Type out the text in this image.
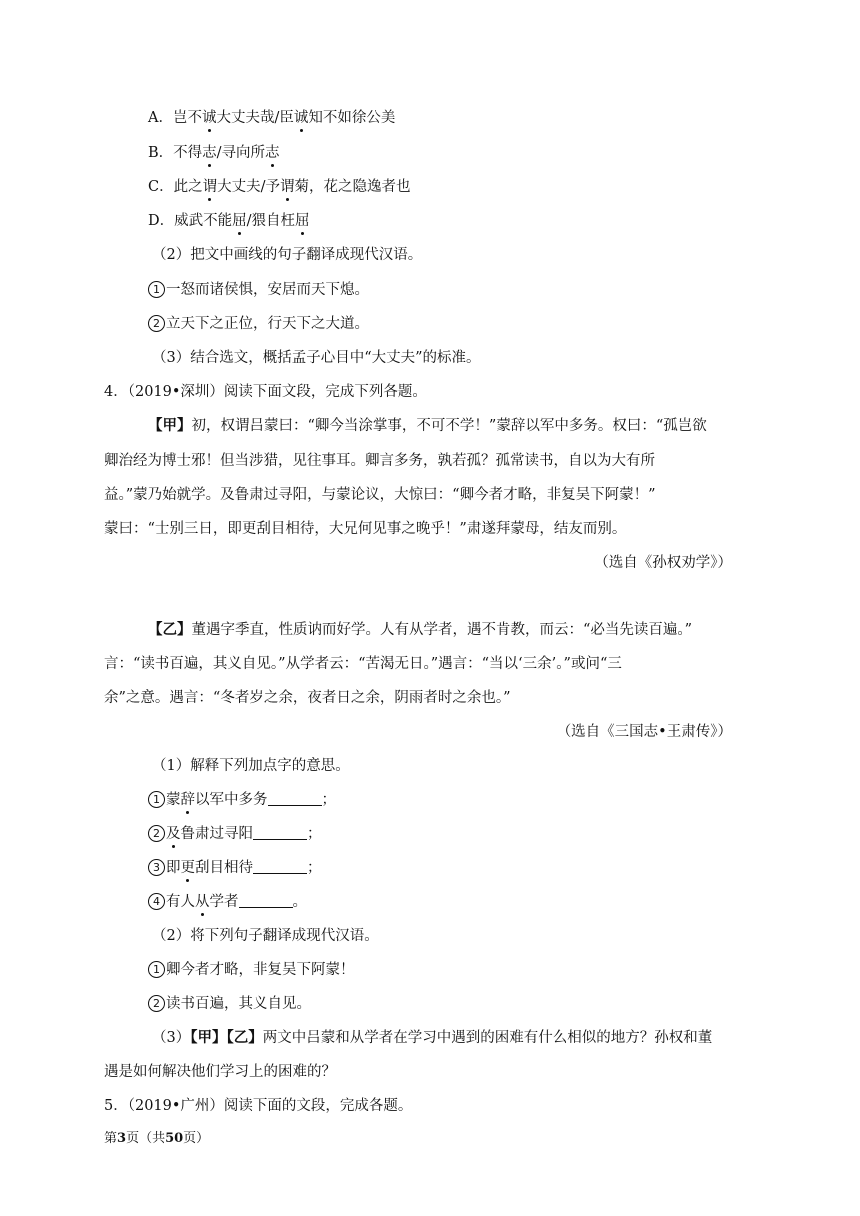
A．岂不诚大丈夫哉/臣诚知不如徐公美
B．不得志/寻向所志
C．此之谓大丈夫/予谓菊，花之隐逸者也
D．威武不能屈/猥自枉屈
（2）把文中画线的句子翻译成现代汉语。
1 一怒而诸侯惧，安居而天下熄。
2 立天下之正位，行天下之大道。
（3）结合选文，概括孟子心目中“大丈夫”的标准。
4．（2019•深圳）阅读下面文段，完成下列各题。
【甲】初，权谓吕蒙曰：“卿今当涂掌事，不可不学！”蒙辞以军中多务。权曰：“孤岂欲
卿治经为博士邪！但当涉猎，见往事耳。卿言多务，孰若孤？孤常读书，自以为大有所
益。”蒙乃始就学。及鲁肃过寻阳，与蒙论议，大惊曰：“卿今者才略，非复吴下阿蒙！”
蒙曰：“士别三日，即更刮目相待，大兄何见事之晚乎！”肃遂拜蒙母，结友而别。
（选自《孙权劝学》）
【乙】董遇字季直，性质讷而好学。人有从学者，遇不肯教，而云：“必当先读百遍。”
言：“读书百遍，其义自见。”从学者云：“苦渴无日。”遇言：“当以‘三余’。”或问“三
余”之意。遇言：“冬者岁之余，夜者日之余，阴雨者时之余也。”
（选自《三国志•王肃传》）
（1）解释下列加点字的意思。
1 蒙辞以军中多务	；
2 及鲁肃过寻阳	；
3 即更刮目相待	；
4 有人从学者	。
（2）将下列句子翻译成现代汉语。
1 卿今者才略，非复吴下阿蒙！
2 读书百遍，其义自见。
（3）【甲】【乙】两文中吕蒙和从学者在学习中遇到的困难有什么相似的地方？孙权和董
遇是如何解决他们学习上的困难的？
5．（2019•广州）阅读下面的文段，完成各题。
第3页（共50页）
